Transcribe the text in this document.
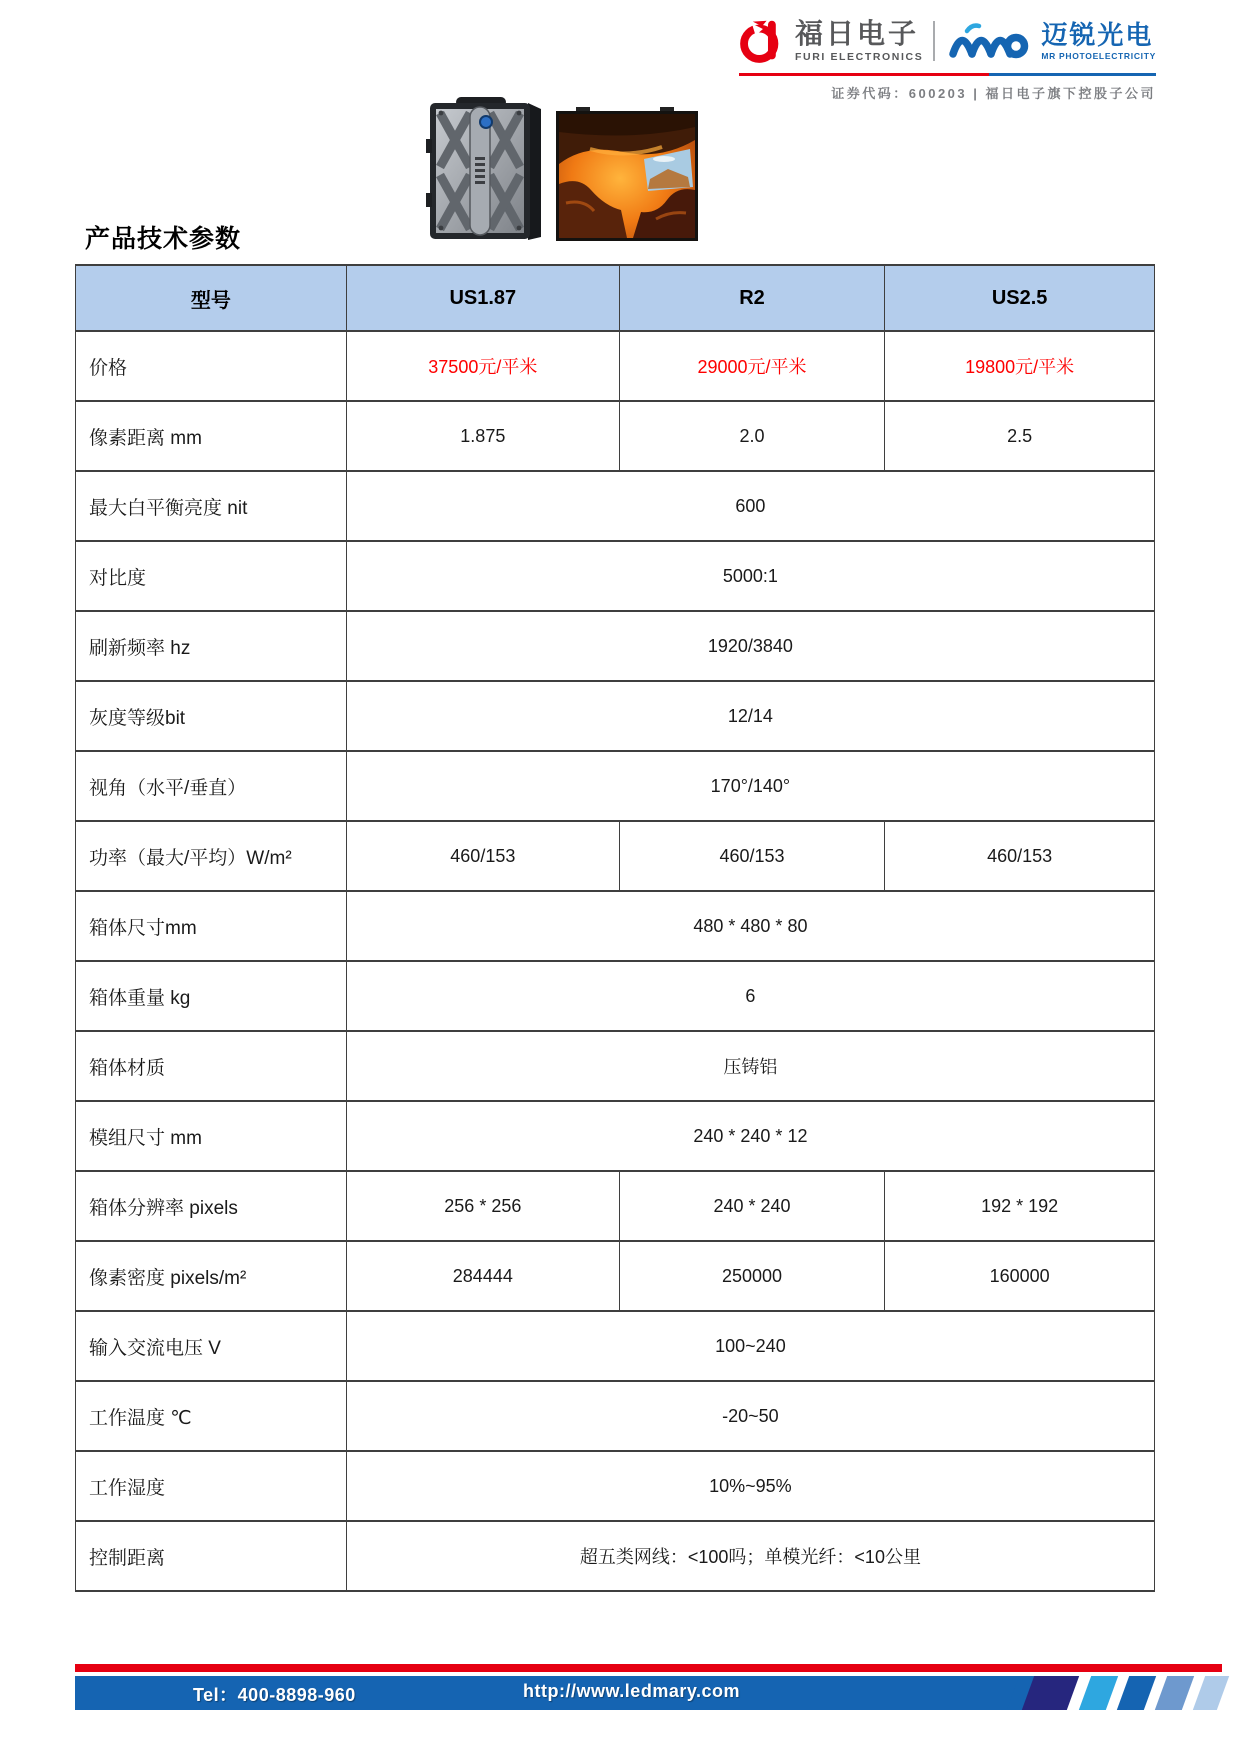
福日电子
FURI ELECTRONICS
迈锐光电
MR PHOTOELECTRICITY
证券代码：600203 | 福日电子旗下控股子公司
产品技术参数
型号	US1.87	R2	US2.5
价格	37500元/平米	29000元/平米	19800元/平米
像素距离 mm	1.875	2.0	2.5
最大白平衡亮度 nit	600		
对比度	5000:1		
刷新频率 hz	1920/3840		
灰度等级bit	12/14		
视角（水平/垂直）	170°/140°		
功率（最大/平均）W/m²	460/153	460/153	460/153
箱体尺寸mm	480 * 480 * 80		
箱体重量 kg	6		
箱体材质	压铸铝		
模组尺寸 mm	240 * 240 * 12		
箱体分辨率 pixels	256 * 256	240 * 240	192 * 192
像素密度 pixels/m²	284444	250000	160000
输入交流电压 V	100~240		
工作温度 ℃	-20~50		
工作湿度	10%~95%		
控制距离	超五类网线：<100吗；单模光纤：<10公里		
Tel：400-8898-960	http://www.ledmary.com
